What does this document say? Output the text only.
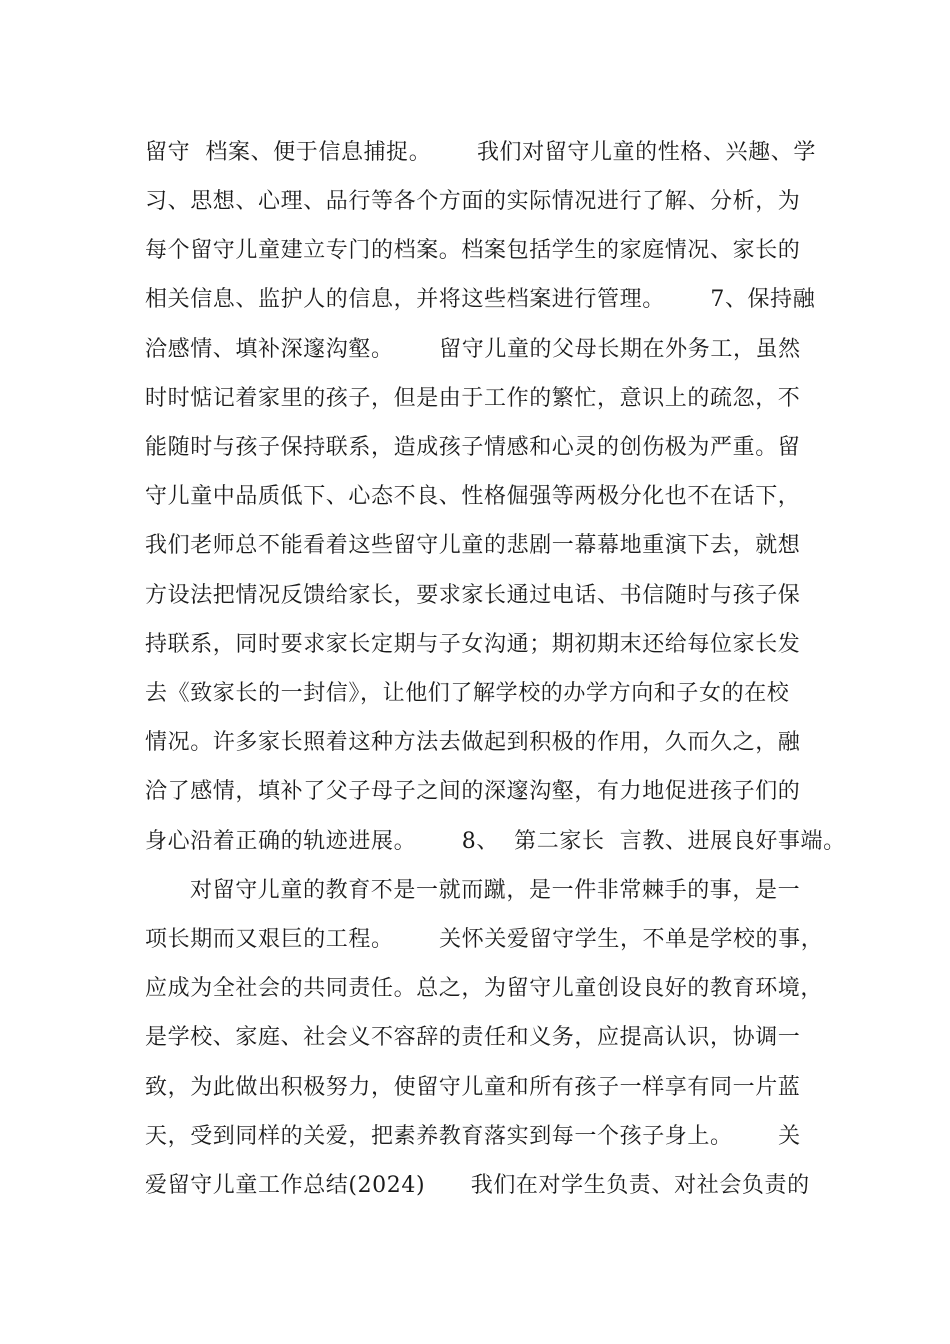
留守  档案、便于信息捕捉。      我们对留守儿童的性格、兴趣、学
习、思想、心理、品行等各个方面的实际情况进行了解、分析，为
每个留守儿童建立专门的档案。档案包括学生的家庭情况、家长的
相关信息、监护人的信息，并将这些档案进行管理。      7、保持融
洽感情、填补深邃沟壑。      留守儿童的父母长期在外务工，虽然
时时惦记着家里的孩子，但是由于工作的繁忙，意识上的疏忽，不
能随时与孩子保持联系，造成孩子情感和心灵的创伤极为严重。留
守儿童中品质低下、心态不良、性格倔强等两极分化也不在话下，
我们老师总不能看着这些留守儿童的悲剧一幕幕地重演下去，就想
方设法把情况反馈给家长，要求家长通过电话、书信随时与孩子保
持联系，同时要求家长定期与子女沟通；期初期末还给每位家长发
去《致家长的一封信》，让他们了解学校的办学方向和子女的在校
情况。许多家长照着这种方法去做起到积极的作用，久而久之，融
洽了感情，填补了父子母子之间的深邃沟壑，有力地促进孩子们的
身心沿着正确的轨迹进展。      8、  第二家长  言教、进展良好事端。
对留守儿童的教育不是一就而蹴，是一件非常棘手的事，是一
项长期而又艰巨的工程。      关怀关爱留守学生，不单是学校的事，
应成为全社会的共同责任。总之，为留守儿童创设良好的教育环境，
是学校、家庭、社会义不容辞的责任和义务，应提高认识，协调一
致，为此做出积极努力，使留守儿童和所有孩子一样享有同一片蓝
天，受到同样的关爱，把素养教育落实到每一个孩子身上。      关
爱留守儿童工作总结(2024)      我们在对学生负责、对社会负责的
